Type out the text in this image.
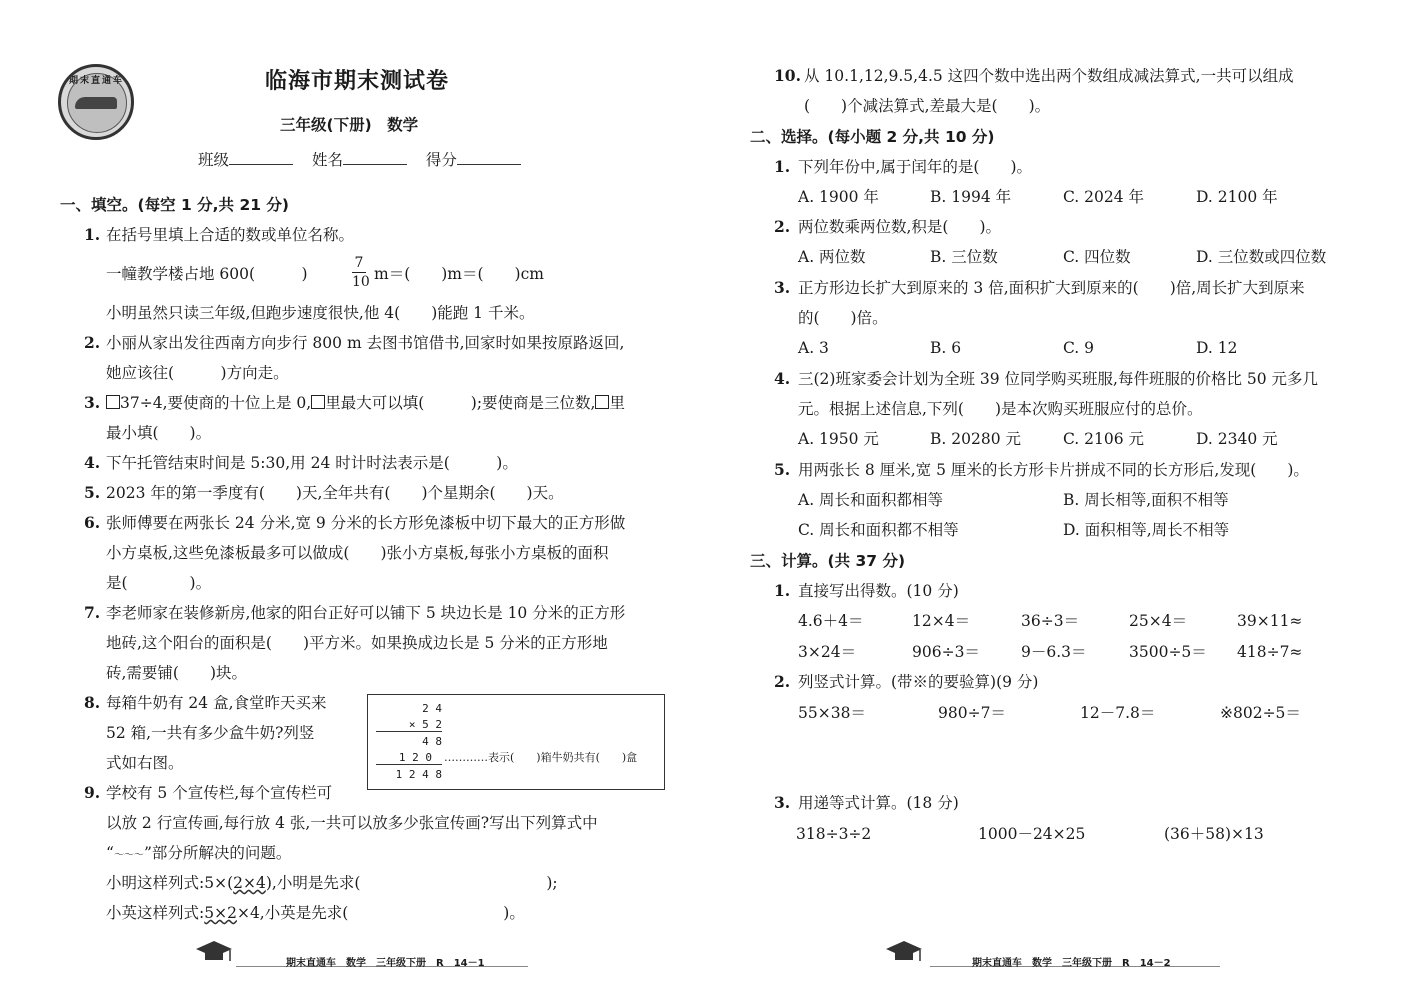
期末直通车	临海市期末测试卷
三年级(下册)　数学
班级	姓名	得分
一、填空。(每空 1 分,共 21 分)
1. 在括号里填上合适的数或单位名称。
一幢教学楼占地 600(　　　)
7
10 m＝(　　)m＝(　　)cm
小明虽然只读三年级,但跑步速度很快,他 4(　　)能跑 1 千米。
2. 小丽从家出发往西南方向步行 800 m 去图书馆借书,回家时如果按原路返回,
她应该往(　　　)方向走。
3.	37÷4,要使商的十位上是 0, 里最大可以填(　　　);要使商是三位数, 里
最小填(　　)。
4. 下午托管结束时间是 5:30,用 24 时计时法表示是(　　　)。
5. 2023 年的第一季度有(　　)天,全年共有(　　)个星期余(　　)天。
6. 张师傅要在两张长 24 分米,宽 9 分米的长方形免漆板中切下最大的正方形做
小方桌板,这些免漆板最多可以做成(　　)张小方桌板,每张小方桌板的面积
是(　　　　)。
7. 李老师家在装修新房,他家的阳台正好可以铺下 5 块边长是 10 分米的正方形
地砖,这个阳台的面积是(　　)平方米。如果换成边长是 5 分米的正方形地
砖,需要铺(　　)块。
8. 每箱牛奶有 24 盒,食堂昨天买来
52 箱,一共有多少盒牛奶?列竖
式如右图。
2 4
× 5 2
4 8
1 2 0 …………表示(　　)箱牛奶共有(　　)盒
1 2 4 8
9. 学校有 5 个宣传栏,每个宣传栏可
以放 2 行宣传画,每行放 4 张,一共可以放多少张宣传画?写出下列算式中
“～～～”部分所解决的问题。
小明这样列式:5×(2×4),小明是先求(　　　　　　　　　　　　);
小英这样列式:5×2×4,小英是先求(　　　　　　　　　　)。
期末直通车　数学　三年级下册　R　14－1
10. 从 10.1,12,9.5,4.5 这四个数中选出两个数组成减法算式,一共可以组成
(　　)个减法算式,差最大是(　　)。
二、选择。(每小题 2 分,共 10 分)
1. 下列年份中,属于闰年的是(　　)。
A. 1900 年	B. 1994 年	C. 2024 年	D. 2100 年
2. 两位数乘两位数,积是(　　)。
A. 两位数	B. 三位数	C. 四位数	D. 三位数或四位数
3. 正方形边长扩大到原来的 3 倍,面积扩大到原来的(　　)倍,周长扩大到原来
的(　　)倍。
A. 3	B. 6	C. 9	D. 12
4. 三(2)班家委会计划为全班 39 位同学购买班服,每件班服的价格比 50 元多几
元。根据上述信息,下列(　　)是本次购买班服应付的总价。
A. 1950 元	B. 20280 元	C. 2106 元	D. 2340 元
5. 用两张长 8 厘米,宽 5 厘米的长方形卡片拼成不同的长方形后,发现(　　)。
A. 周长和面积都相等	B. 周长相等,面积不相等
C. 周长和面积都不相等	D. 面积相等,周长不相等
三、计算。(共 37 分)
1. 直接写出得数。(10 分)
4.6＋4＝	12×4＝	36÷3＝	25×4＝	39×11≈
3×24＝	906÷3＝	9－6.3＝	3500÷5＝ 418÷7≈
2. 列竖式计算。(带※的要验算)(9 分)
55×38＝	980÷7＝	12－7.8＝	※802÷5＝
3. 用递等式计算。(18 分)
318÷3÷2	1000－24×25	(36＋58)×13
期末直通车　数学　三年级下册　R　14－2
